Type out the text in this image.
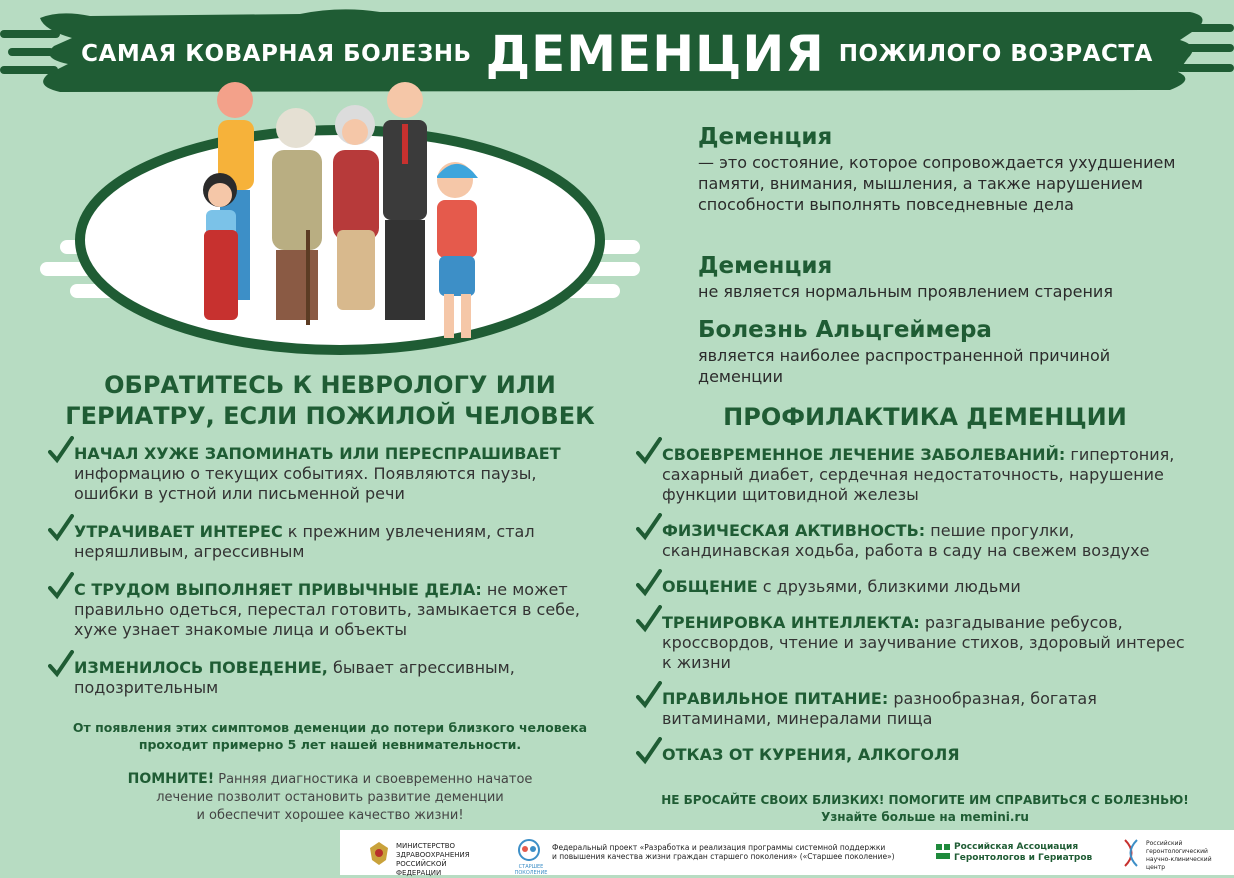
САМАЯ КОВАРНАЯ БОЛЕЗНЬ ДЕМЕНЦИЯ ПОЖИЛОГО ВОЗРАСТА
Деменция

— это состояние, которое сопровождается ухудшением памяти, внимания, мышления, а также нарушением способности выполнять повседневные дела

Деменция

не является нормальным проявлением старения

Болезнь Альцгеймера

является наиболее распространенной причиной деменции

ОБРАТИТЕСЬ К НЕВРОЛОГУ ИЛИ
ГЕРИАТРУ, ЕСЛИ ПОЖИЛОЙ ЧЕЛОВЕК
НАЧАЛ ХУЖЕ ЗАПОМИНАТЬ ИЛИ ПЕРЕСПРАШИВАЕТ
информацию о текущих событиях. Появляются паузы, ошибки в устной или письменной речи
УТРАЧИВАЕТ ИНТЕРЕС к прежним увлечениям, стал неряшливым, агрессивным
С ТРУДОМ ВЫПОЛНЯЕТ ПРИВЫЧНЫЕ ДЕЛА: не может правильно одеться, перестал готовить, замыкается в себе, хуже узнает знакомые лица и объекты
ИЗМЕНИЛОСЬ ПОВЕДЕНИЕ, бывает агрессивным, подозрительным
От появления этих симптомов деменции до потери близкого человека
проходит примерно 5 лет нашей невнимательности.
ПОМНИТЕ! Ранняя диагностика и своевременно начатое
лечение позволит остановить развитие деменции
и обеспечит хорошее качество жизни!
ПРОФИЛАКТИКА ДЕМЕНЦИИ
СВОЕВРЕМЕННОЕ ЛЕЧЕНИЕ ЗАБОЛЕВАНИЙ: гипертония, сахарный диабет, сердечная недостаточность, нарушение функции щитовидной железы
ФИЗИЧЕСКАЯ АКТИВНОСТЬ: пешие прогулки, скандинавская ходьба, работа в саду на свежем воздухе
ОБЩЕНИЕ с друзьями, близкими людьми
ТРЕНИРОВКА ИНТЕЛЛЕКТА: разгадывание ребусов, кроссвордов, чтение и заучивание стихов, здоровый интерес к жизни
ПРАВИЛЬНОЕ ПИТАНИЕ: разнообразная, богатая витаминами, минералами пища
ОТКАЗ ОТ КУРЕНИЯ, АЛКОГОЛЯ
НЕ БРОСАЙТЕ СВОИХ БЛИЗКИХ! ПОМОГИТЕ ИМ СПРАВИТЬСЯ С БОЛЕЗНЬЮ!
Узнайте больше на memini.ru
МИНИСТЕРСТВО ЗДРАВООХРАНЕНИЯ РОССИЙСКОЙ ФЕДЕРАЦИИ
СТАРШЕЕ ПОКОЛЕНИЕ
Федеральный проект «Разработка и реализация программы системной поддержки
и повышения качества жизни граждан старшего поколения» («Старшее поколение»)
Российская Ассоциация
Геронтологов и Гериатров
Российский геронтологический научно-клинический центр
